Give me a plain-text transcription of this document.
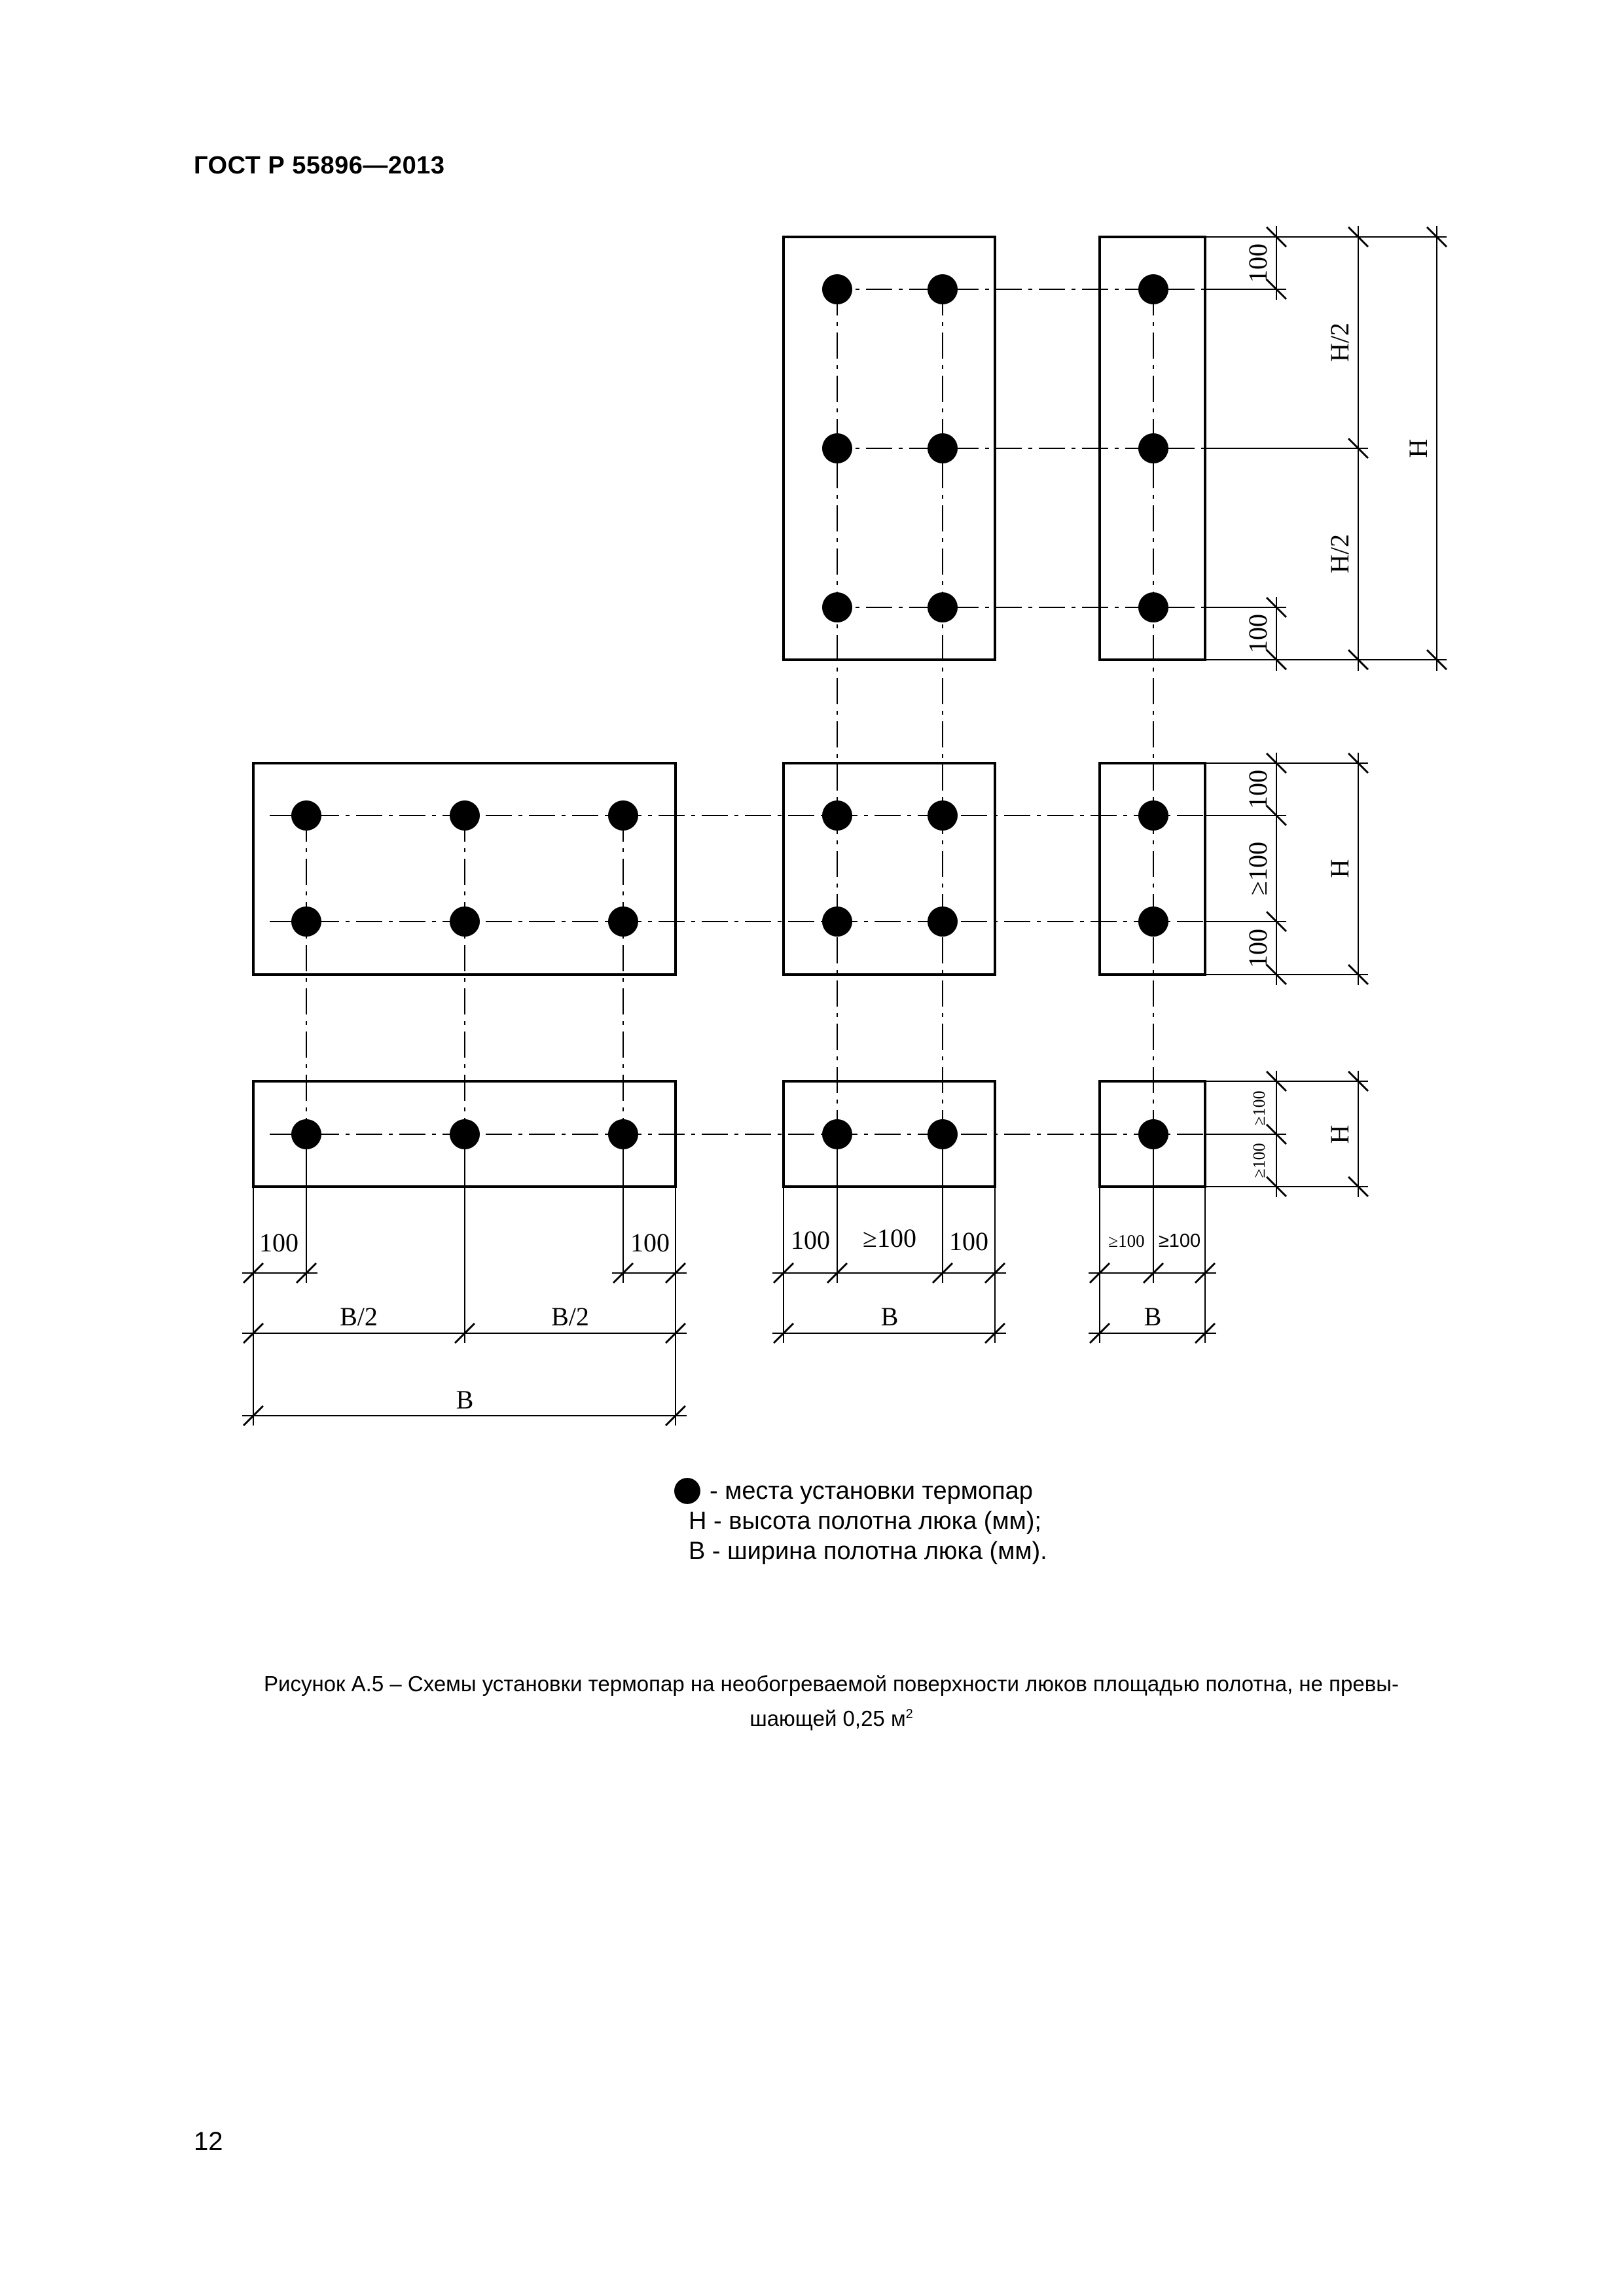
ГОСТ Р 55896—2013
100
H/2
H/2
100
H
100
≥100
100
H
≥100
≥100
H
100	100
B/2	B/2
B
100 ≥100 100
B
≥100 ≥100
B
- места установки термопар
Н - высота полотна люка (мм);
В - ширина полотна люка (мм).
Рисунок А.5 – Схемы установки термопар на необогреваемой поверхности люков площадью полотна, не превы-
шающей 0,25 $м^2$
12
